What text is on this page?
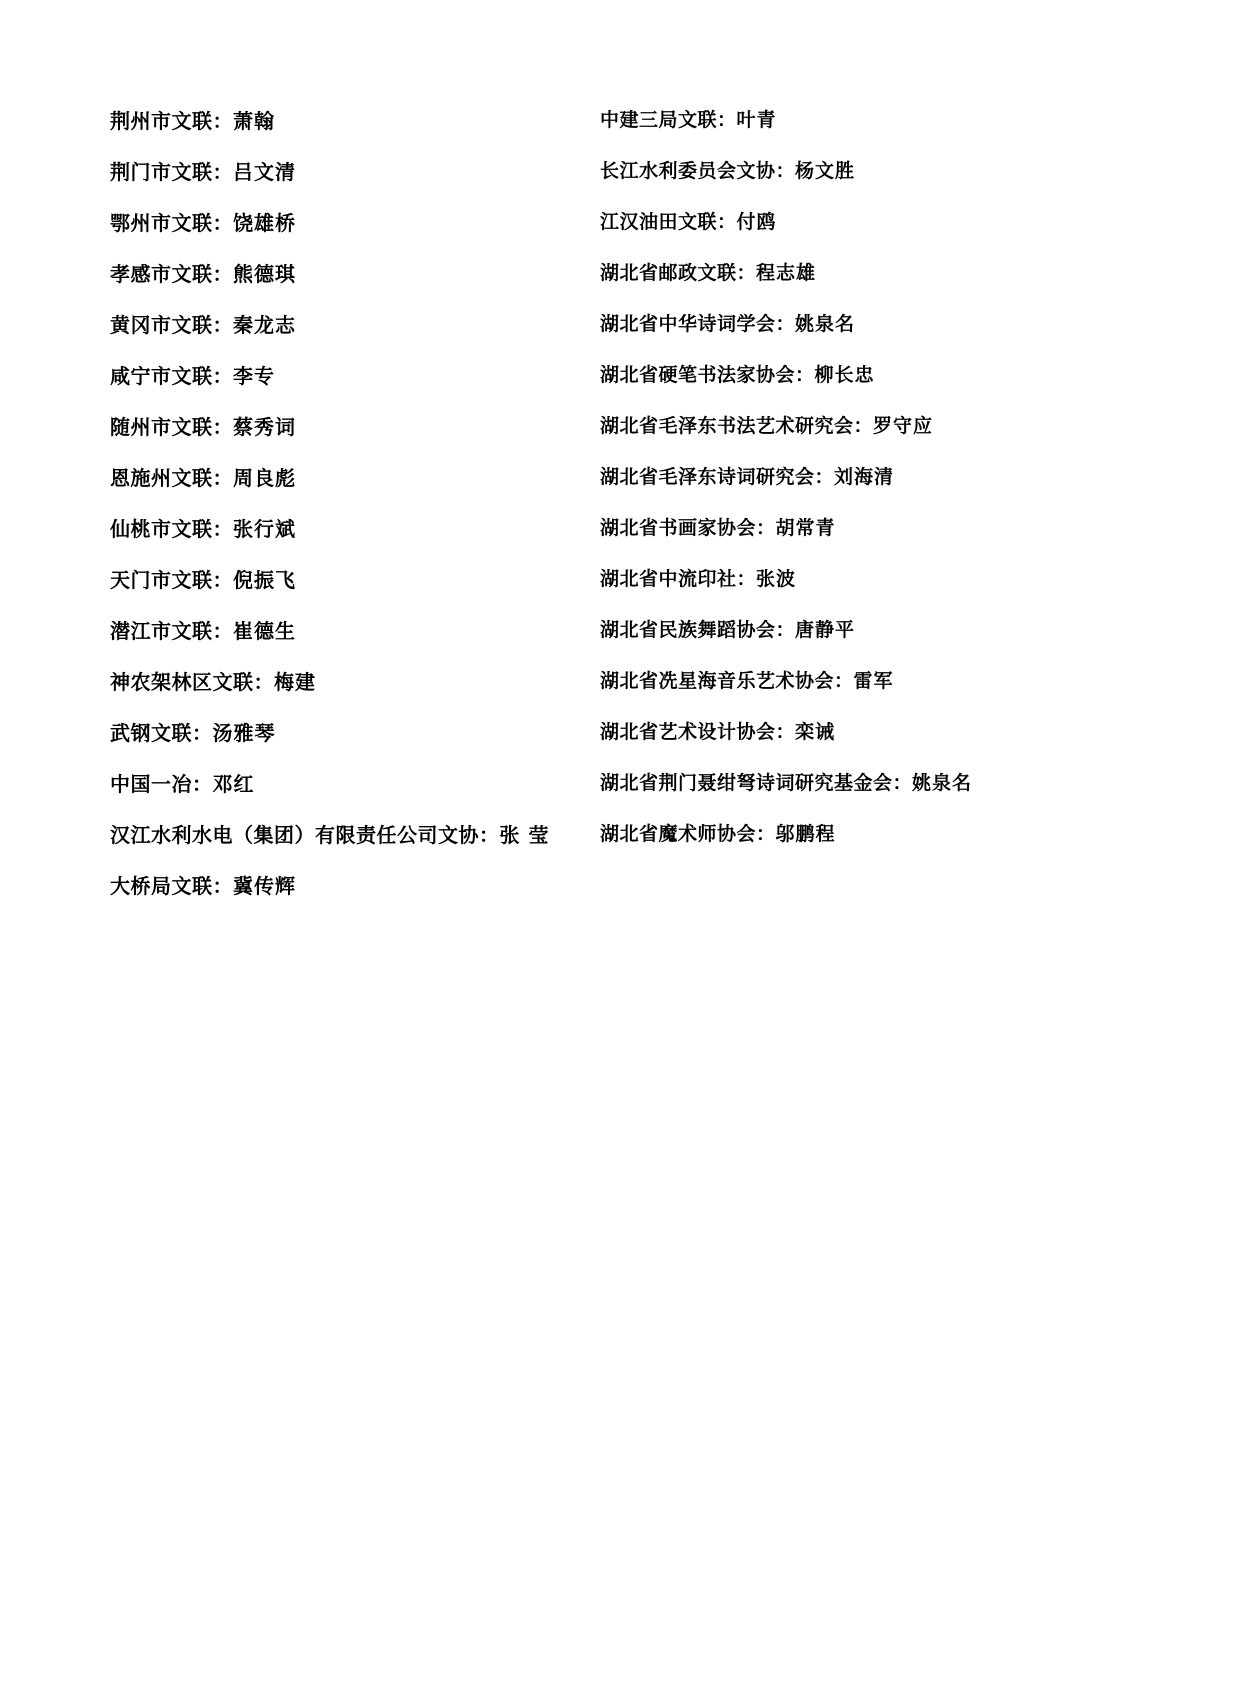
荆州市文联 ： 萧翰
荆门市文联 ： 吕文清
鄂州市文联 ： 饶雄桥
孝感市文联 ： 熊德琪
黄冈市文联 ： 秦龙志
咸宁市文联 ： 李专
随州市文联 ： 蔡秀词
恩施州文联 ： 周良彪
仙桃市文联 ： 张行斌
天门市文联 ： 倪振飞
潜江市文联 ： 崔德生
神农架林区文联 ： 梅建
武钢文联 ： 汤雅琴
中国一冶 ： 邓红
汉江水利水电（集团）有限责任公司文协 ： 张 莹
大桥局文联 ： 冀传辉
中建三局文联 ： 叶青
长江水利委员会文协 ： 杨文胜
江汉油田文联 ： 付鸥
湖北省邮政文联 ： 程志雄
湖北省中华诗词学会 ： 姚泉名
湖北省硬笔书法家协会 ： 柳长忠
湖北省毛泽东书法艺术研究会 ： 罗守应
湖北省毛泽东诗词研究会 ： 刘海清
湖北省书画家协会 ： 胡常青
湖北省中流印社 ： 张波
湖北省民族舞蹈协会 ： 唐静平
湖北省冼星海音乐艺术协会 ： 雷军
湖北省艺术设计协会 ： 栾诫
湖北省荆门聂绀弩诗词研究基金会 ： 姚泉名
湖北省魔术师协会 ： 邬鹏程
